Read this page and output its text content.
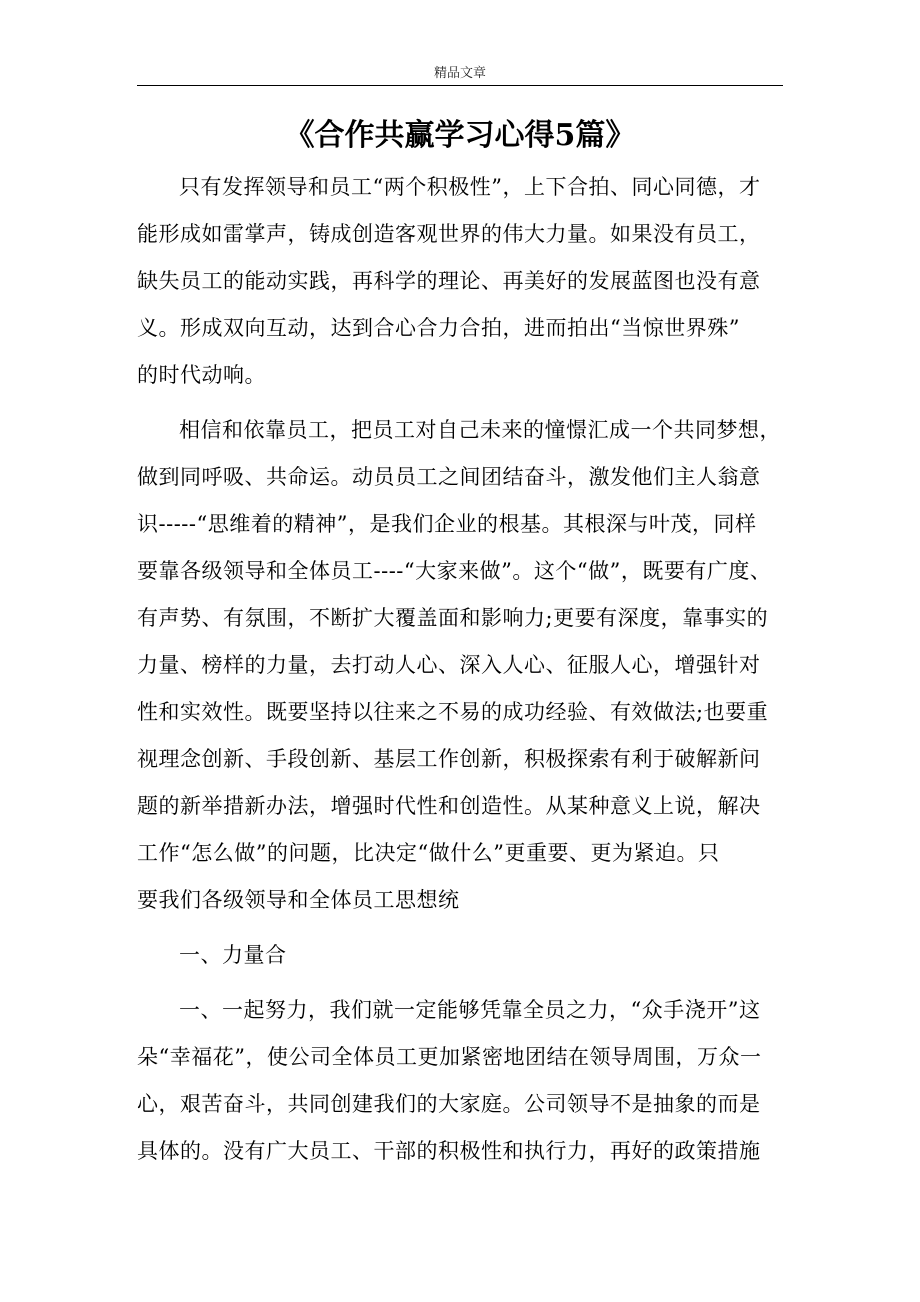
精品文章
《合作共赢学习心得5篇》
只有发挥领导和员工“两个积极性”，上下合拍、同心同德，才
能形成如雷掌声，铸成创造客观世界的伟大力量。如果没有员工，
缺失员工的能动实践，再科学的理论、再美好的发展蓝图也没有意
义。形成双向互动，达到合心合力合拍，进而拍出“当惊世界殊”
的时代动响。
相信和依靠员工，把员工对自己未来的憧憬汇成一个共同梦想，
做到同呼吸、共命运。动员员工之间团结奋斗，激发他们主人翁意
识-----“思维着的精神”，是我们企业的根基。其根深与叶茂，同样
要靠各级领导和全体员工----“大家来做”。这个“做”，既要有广度、
有声势、有氛围，不断扩大覆盖面和影响力;更要有深度，靠事实的
力量、榜样的力量，去打动人心、深入人心、征服人心，增强针对
性和实效性。既要坚持以往来之不易的成功经验、有效做法;也要重
视理念创新、手段创新、基层工作创新，积极探索有利于破解新问
题的新举措新办法，增强时代性和创造性。从某种意义上说，解决
工作“怎么做”的问题，比决定“做什么”更重要、更为紧迫。只
要我们各级领导和全体员工思想统
一、力量合
一、一起努力，我们就一定能够凭靠全员之力，“众手浇开”这
朵“幸福花”，使公司全体员工更加紧密地团结在领导周围，万众一
心，艰苦奋斗，共同创建我们的大家庭。公司领导不是抽象的而是
具体的。没有广大员工、干部的积极性和执行力，再好的政策措施
